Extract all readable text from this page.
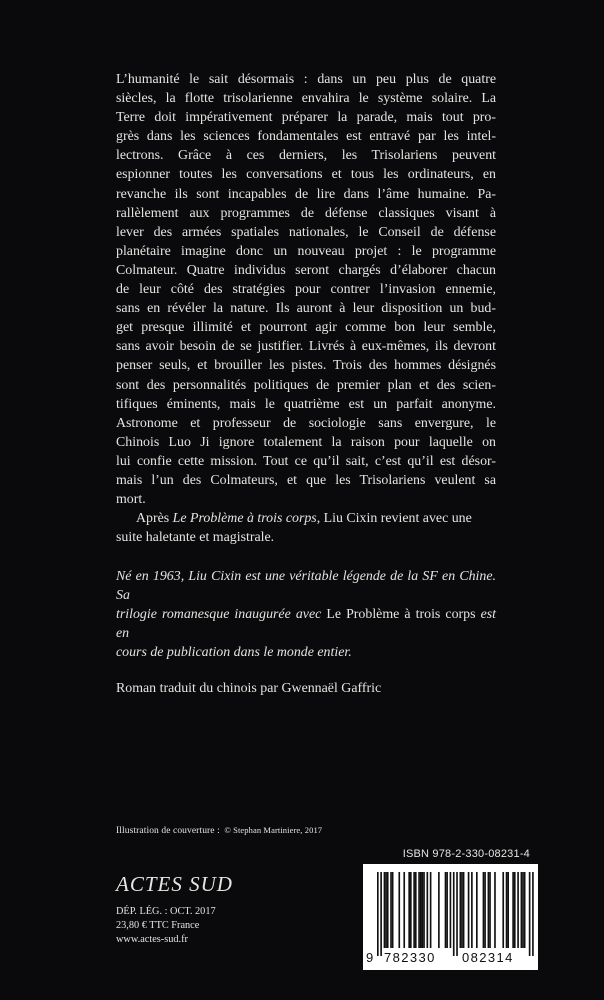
L’humanité le sait désormais : dans un peu plus de quatre
siècles, la flotte trisolarienne envahira le système solaire. La
Terre doit impérativement préparer la parade, mais tout pro-
grès dans les sciences fondamentales est entravé par les intel-
lectrons. Grâce à ces derniers, les Trisolariens peuvent
espionner toutes les conversations et tous les ordinateurs, en
revanche ils sont incapables de lire dans l’âme humaine. Pa-
rallèlement aux programmes de défense classiques visant à
lever des armées spatiales nationales, le Conseil de défense
planétaire imagine donc un nouveau projet : le programme
Colmateur. Quatre individus seront chargés d’élaborer chacun
de leur côté des stratégies pour contrer l’invasion ennemie,
sans en révéler la nature. Ils auront à leur disposition un bud-
get presque illimité et pourront agir comme bon leur semble,
sans avoir besoin de se justifier. Livrés à eux-mêmes, ils devront
penser seuls, et brouiller les pistes. Trois des hommes désignés
sont des personnalités politiques de premier plan et des scien-
tifiques éminents, mais le quatrième est un parfait anonyme.
Astronome et professeur de sociologie sans envergure, le
Chinois Luo Ji ignore totalement la raison pour laquelle on
lui confie cette mission. Tout ce qu’il sait, c’est qu’il est désor-
mais l’un des Colmateurs, et que les Trisolariens veulent sa
mort.

Après Le Problème à trois corps, Liu Cixin revient avec une
suite haletante et magistrale.

Né en 1963, Liu Cixin est une véritable légende de la SF en Chine. Sa
trilogie romanesque inaugurée avec Le Problème à trois corps est en
cours de publication dans le monde entier.

Roman traduit du chinois par Gwennaël Gaffric
Illustration de couverture : © Stephan Martiniere, 2017
ISBN 978-2-330-08231-4
ACTES SUD
DÉP. LÉG. : OCT. 2017
23,80 € TTC France
www.actes-sud.fr
9 782330 082314
